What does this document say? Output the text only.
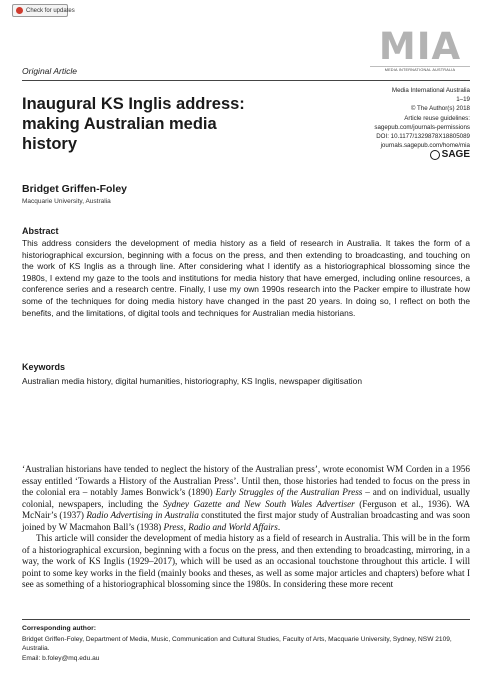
Check for updates
MIA
MEDIA INTERNATIONAL AUSTRALIA
Original Article
Media International Australia
1–19
© The Author(s) 2018
Article reuse guidelines:
sagepub.com/journals-permissions
DOI: 10.1177/1329878X18805089
journals.sagepub.com/home/mia
SAGE
Inaugural KS Inglis address: making Australian media history
Bridget Griffen-Foley
Macquarie University, Australia
Abstract
This address considers the development of media history as a field of research in Australia. It takes the form of a historiographical excursion, beginning with a focus on the press, and then extending to broadcasting, and touching on the work of KS Inglis as a through line. After considering what I identify as a historiographical blossoming since the 1980s, I extend my gaze to the tools and institutions for media history that have emerged, including online resources, a conference series and a research centre. Finally, I use my own 1990s research into the Packer empire to illustrate how some of the techniques for doing media history have changed in the past 20 years. In doing so, I reflect on both the benefits, and the limitations, of digital tools and techniques for Australian media historians.
Keywords
Australian media history, digital humanities, historiography, KS Inglis, newspaper digitisation

‘Australian historians have tended to neglect the history of the Australian press’, wrote economist WM Corden in a 1956 essay entitled ‘Towards a History of the Australian Press’. Until then, those histories had tended to focus on the press in the colonial era – notably James Bonwick’s (1890) Early Struggles of the Australian Press – and on individual, usually colonial, newspapers, including the Sydney Gazette and New South Wales Advertiser (Ferguson et al., 1936). WA McNair’s (1937) Radio Advertising in Australia constituted the first major study of Australian broadcasting and was soon joined by W Macmahon Ball’s (1938) Press, Radio and World Affairs.

This article will consider the development of media history as a field of research in Australia. This will be in the form of a historiographical excursion, beginning with a focus on the press, and then extending to broadcasting, mirroring, in a way, the work of KS Inglis (1929–2017), which will be used as an occasional touchstone throughout this article. I will point to some key works in the field (mainly books and theses, as well as some major articles and chapters) before what I see as something of a historiographical blossoming since the 1980s. In considering these more recent

Corresponding author:
Bridget Griffen-Foley, Department of Media, Music, Communication and Cultural Studies, Faculty of Arts, Macquarie University, Sydney, NSW 2109, Australia.
Email: b.foley@mq.edu.au
